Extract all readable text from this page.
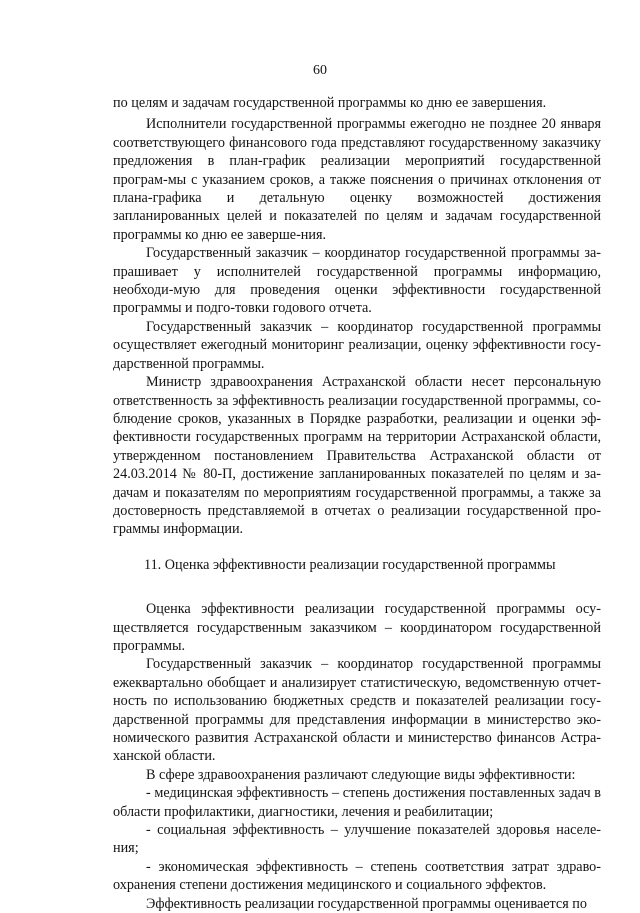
60

по целям и задачам государственной программы ко дню ее завершения.

Исполнители государственной программы ежегодно не позднее 20 января соответствующего финансового года представляют государственному заказчику предложения в план-график реализации мероприятий государственной програм-мы с указанием сроков, а также пояснения о причинах отклонения от плана-графика и детальную оценку возможностей достижения запланированных целей и показателей по целям и задачам государственной программы ко дню ее заверше-ния.

Государственный заказчик – координатор государственной программы за-прашивает у исполнителей государственной программы информацию, необходи-мую для проведения оценки эффективности государственной программы и подго-товки годового отчета.

Государственный заказчик – координатор государственной программы осуществляет ежегодный мониторинг реализации, оценку эффективности госу-дарственной программы.

Министр здравоохранения Астраханской области несет персональную ответственность за эффективность реализации государственной программы, со-блюдение сроков, указанных в Порядке разработки, реализации и оценки эф-фективности государственных программ на территории Астраханской области, утвержденном постановлением Правительства Астраханской области от 24.03.2014 № 80-П, достижение запланированных показателей по целям и за-дачам и показателям по мероприятиям государственной программы, а также за достоверность представляемой в отчетах о реализации государственной про-граммы информации.

11. Оценка эффективности реализации государственной программы

Оценка эффективности реализации государственной программы осу-ществляется государственным заказчиком – координатором государственной программы.

Государственный заказчик – координатор государственной программы ежеквартально обобщает и анализирует статистическую, ведомственную отчет-ность по использованию бюджетных средств и показателей реализации госу-дарственной программы для представления информации в министерство эко-номического развития Астраханской области и министерство финансов Астра-ханской области.

В сфере здравоохранения различают следующие виды эффективности:

- медицинская эффективность – степень достижения поставленных задач в области профилактики, диагностики, лечения и реабилитации;

- социальная эффективность – улучшение показателей здоровья населе-ния;

- экономическая эффективность – степень соответствия затрат здраво-охранения степени достижения медицинского и социального эффектов.

Эффективность реализации государственной программы оценивается по
